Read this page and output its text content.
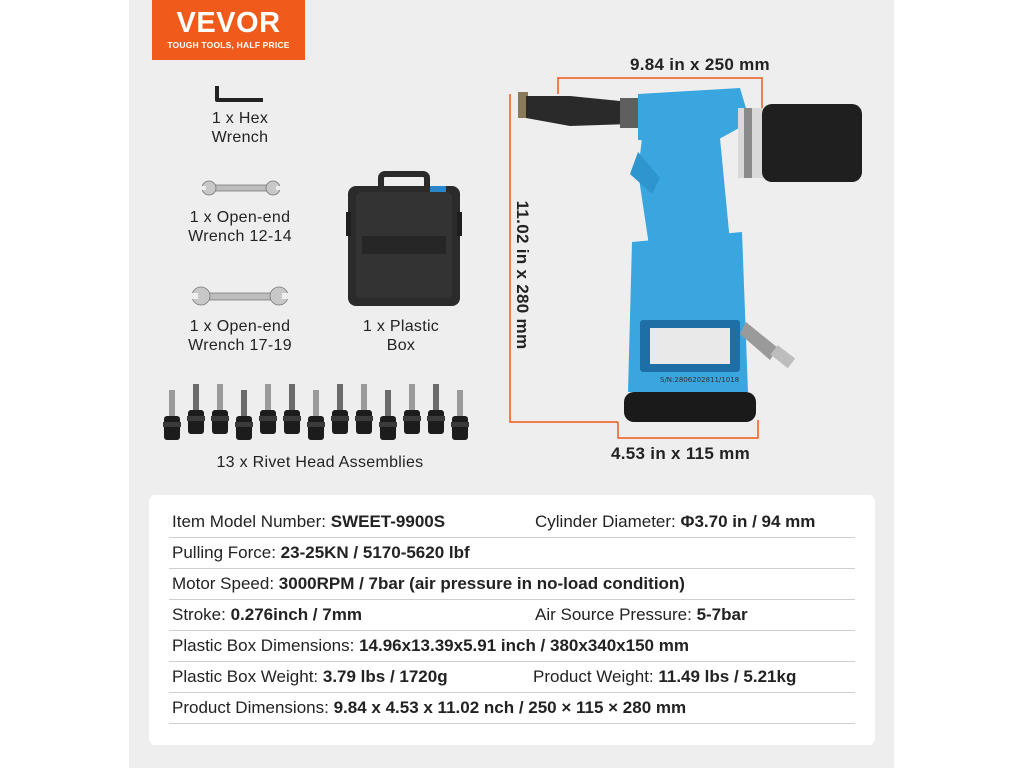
VEVOR
TOUGH TOOLS, HALF PRICE
1 x Hex
Wrench
1 x Open-end
Wrench 12-14
1 x Open-end
Wrench 17-19
1 x Plastic
Box
13 x Rivet Head Assemblies
9.84 in x 250 mm
11.02 in x 280 mm
4.53 in x 115 mm
S/N:2806202811/1018
Item Model Number: SWEET-9900S	Cylinder Diameter: Φ3.70 in / 94 mm
Pulling Force: 23-25KN / 5170-5620 lbf
Motor Speed: 3000RPM / 7bar (air pressure in no-load condition)
Stroke: 0.276inch / 7mm	Air Source Pressure: 5-7bar
Plastic Box Dimensions: 14.96x13.39x5.91 inch / 380x340x150 mm
Plastic Box Weight: 3.79 lbs / 1720g	Product Weight: 11.49 lbs / 5.21kg
Product Dimensions: 9.84 x 4.53 x 11.02 nch / 250 × 115 × 280 mm
